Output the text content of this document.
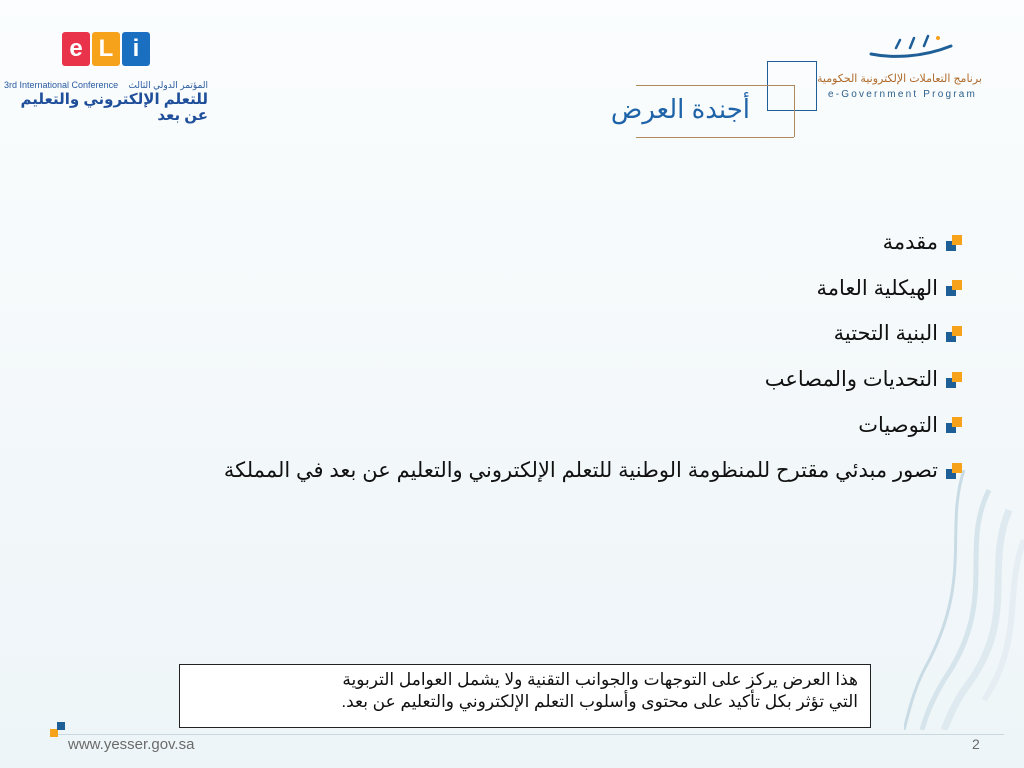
e L i
3rd International Conference المؤتمر الدولي الثالث
للتعلم الإلكتروني والتعليم عن بعد
برنامج التعاملات الإلكترونية الحكومية
e-Government Program
أجندة العرض
مقدمة
الهيكلية العامة
البنية التحتية
التحديات والمصاعب
التوصيات
تصور مبدئي مقترح للمنظومة الوطنية للتعلم الإلكتروني والتعليم عن بعد في المملكة
هذا العرض يركز على التوجهات والجوانب التقنية ولا يشمل العوامل التربوية
التي تؤثر بكل تأكيد على محتوى وأسلوب التعلم الإلكتروني والتعليم عن بعد.
www.yesser.gov.sa	2
